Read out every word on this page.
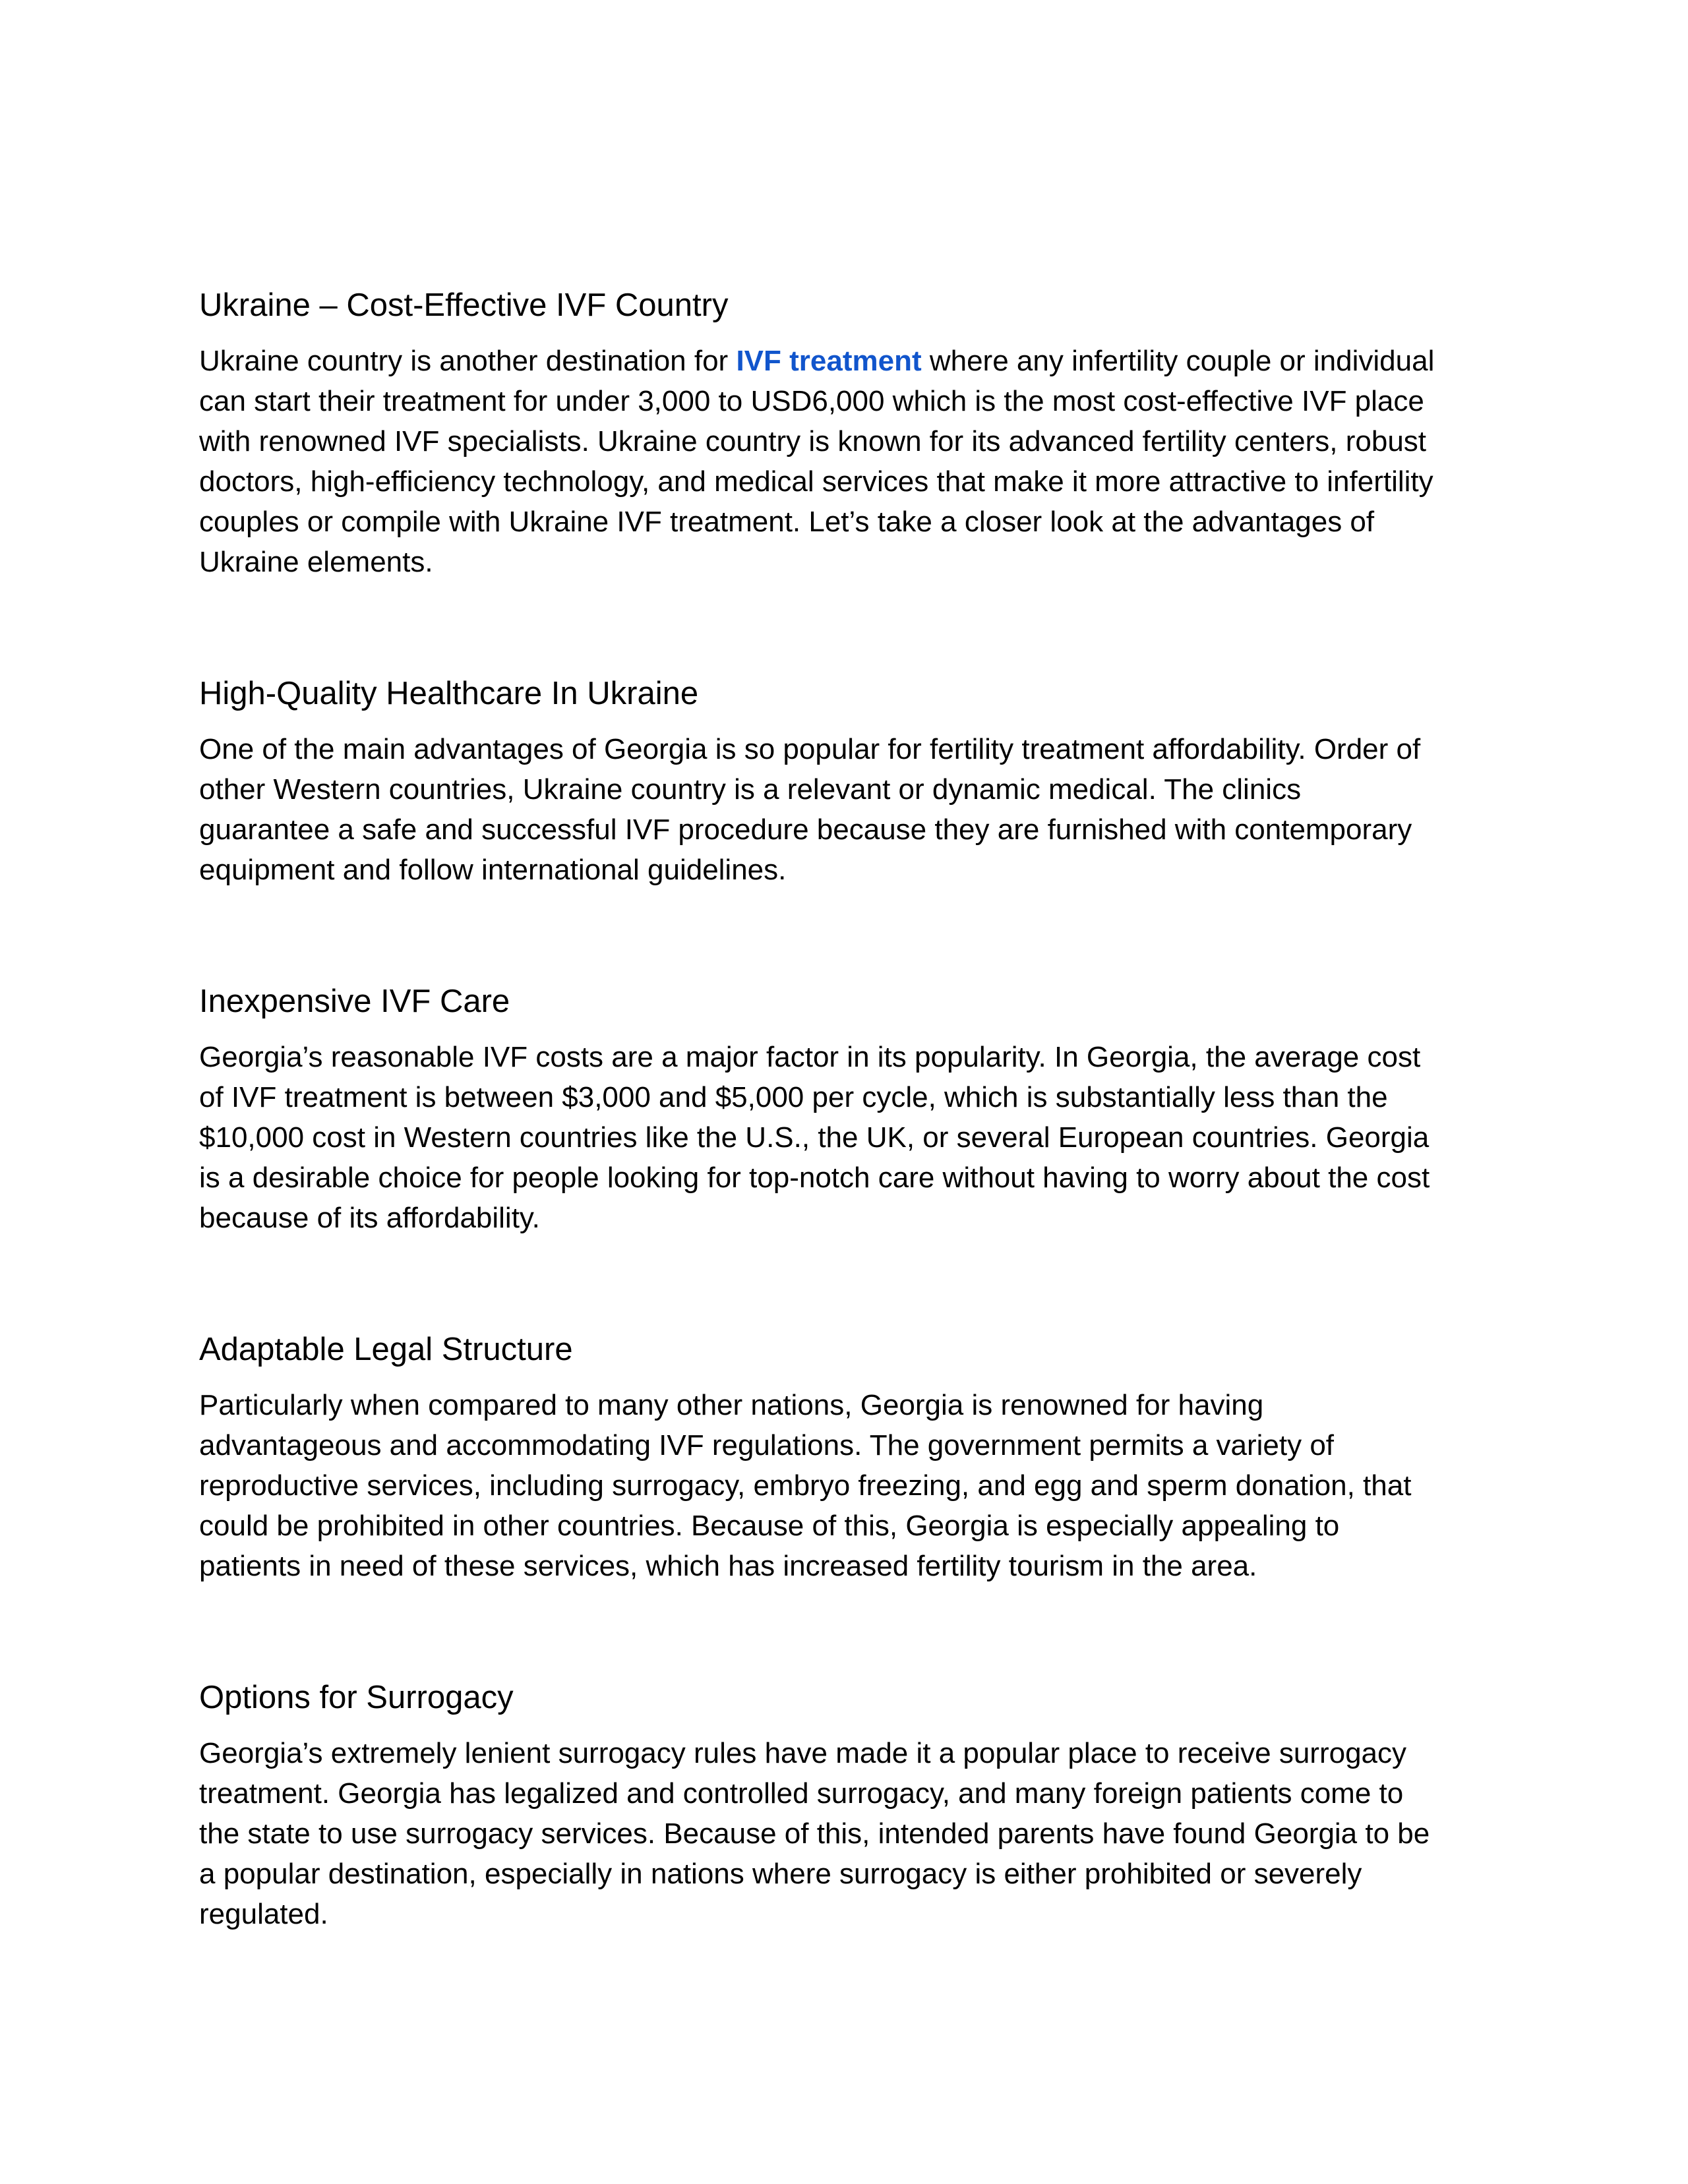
Ukraine – Cost-Effective IVF Country
Ukraine country is another destination for IVF treatment where any infertility couple or individual
can start their treatment for under 3,000 to USD6,000 which is the most cost-effective IVF place
with renowned IVF specialists. Ukraine country is known for its advanced fertility centers, robust
doctors, high-efficiency technology, and medical services that make it more attractive to infertility
couples or compile with Ukraine IVF treatment. Let’s take a closer look at the advantages of
Ukraine elements.
High-Quality Healthcare In Ukraine
One of the main advantages of Georgia is so popular for fertility treatment affordability. Order of
other Western countries, Ukraine country is a relevant or dynamic medical. The clinics
guarantee a safe and successful IVF procedure because they are furnished with contemporary
equipment and follow international guidelines.
Inexpensive IVF Care
Georgia’s reasonable IVF costs are a major factor in its popularity. In Georgia, the average cost
of IVF treatment is between $3,000 and $5,000 per cycle, which is substantially less than the
$10,000 cost in Western countries like the U.S., the UK, or several European countries. Georgia
is a desirable choice for people looking for top-notch care without having to worry about the cost
because of its affordability.
Adaptable Legal Structure
Particularly when compared to many other nations, Georgia is renowned for having
advantageous and accommodating IVF regulations. The government permits a variety of
reproductive services, including surrogacy, embryo freezing, and egg and sperm donation, that
could be prohibited in other countries. Because of this, Georgia is especially appealing to
patients in need of these services, which has increased fertility tourism in the area.
Options for Surrogacy
Georgia’s extremely lenient surrogacy rules have made it a popular place to receive surrogacy
treatment. Georgia has legalized and controlled surrogacy, and many foreign patients come to
the state to use surrogacy services. Because of this, intended parents have found Georgia to be
a popular destination, especially in nations where surrogacy is either prohibited or severely
regulated.
